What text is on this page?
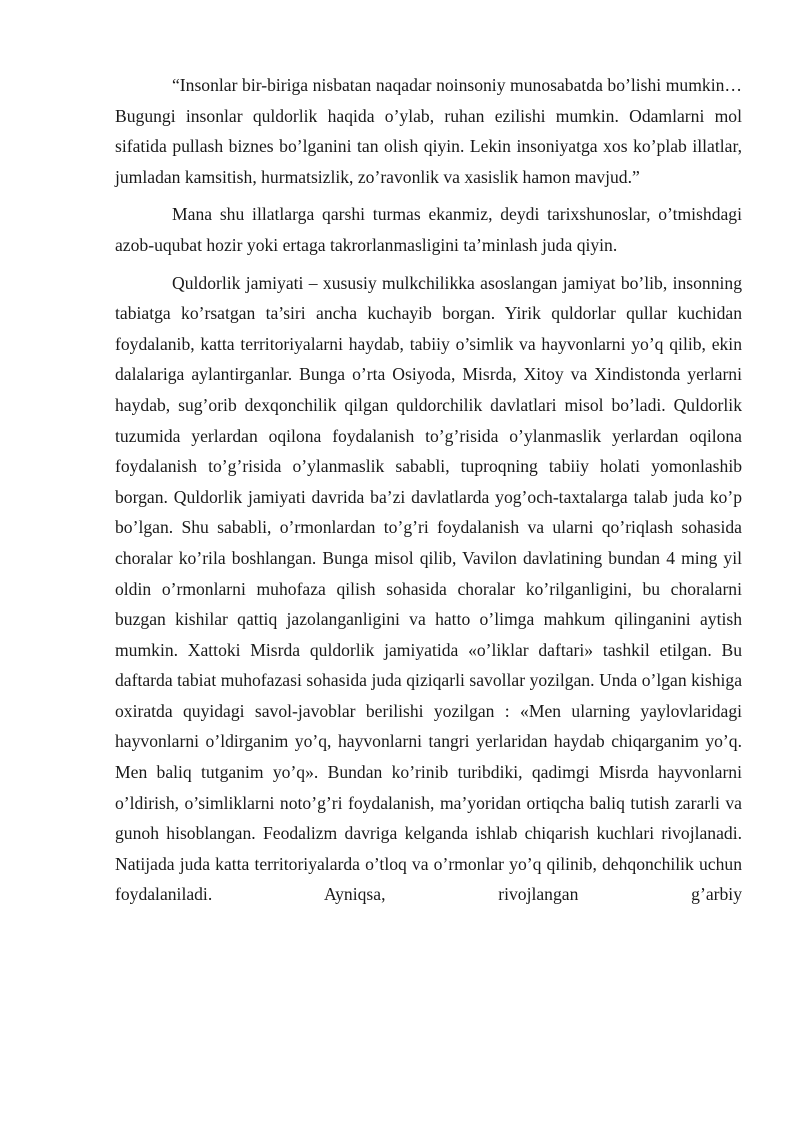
“Insonlar bir-biriga nisbatan naqadar noinsoniy munosabatda bo’lishi mumkin… Bugungi insonlar quldorlik haqida o’ylab, ruhan ezilishi mumkin. Odamlarni mol sifatida pullash biznes bo’lganini tan olish qiyin. Lekin insoniyatga xos ko’plab illatlar, jumladan kamsitish, hurmatsizlik, zo’ravonlik va xasislik hamon mavjud.”

Mana shu illatlarga qarshi turmas ekanmiz, deydi tarixshunoslar, o’tmishdagi azob-uqubat hozir yoki ertaga takrorlanmasligini ta’minlash juda qiyin.

Quldorlik jamiyati – xususiy mulkchilikka asoslangan jamiyat bo’lib, insonning tabiatga ko’rsatgan ta’siri ancha kuchayib borgan. Yirik quldorlar qullar kuchidan foydalanib, katta territoriyalarni haydab, tabiiy o’simlik va hayvonlarni yo’q qilib, ekin dalalariga aylantirganlar. Bunga o’rta Osiyoda, Misrda, Xitoy va Xindistonda yerlarni haydab, sug’orib dexqonchilik qilgan quldorchilik davlatlari misol bo’ladi. Quldorlik tuzumida yerlardan oqilona foydalanish to’g’risida o’ylanmaslik yerlardan oqilona foydalanish to’g’risida o’ylanmaslik sababli, tuproqning tabiiy holati yomonlashib borgan. Quldorlik jamiyati davrida ba’zi davlatlarda yog’och-taxtalarga talab juda ko’p bo’lgan. Shu sababli, o’rmonlardan to’g’ri foydalanish va ularni qo’riqlash sohasida choralar ko’rila boshlangan. Bunga misol qilib, Vavilon davlatining bundan 4 ming yil oldin o’rmonlarni muhofaza qilish sohasida choralar ko’rilganligini, bu choralarni buzgan kishilar qattiq jazolanganligini va hatto o’limga mahkum qilinganini aytish mumkin. Xattoki Misrda quldorlik jamiyatida «o’liklar daftari» tashkil etilgan. Bu daftarda tabiat muhofazasi sohasida juda qiziqarli savollar yozilgan. Unda o’lgan kishiga oxiratda quyidagi savol-javoblar berilishi yozilgan : «Men ularning yaylovlaridagi hayvonlarni o’ldirganim yo’q, hayvonlarni tangri yerlaridan haydab chiqarganim yo’q. Men baliq tutganim yo’q». Bundan ko’rinib turibdiki, qadimgi Misrda hayvonlarni o’ldirish, o’simliklarni noto’g’ri foydalanish, ma’yoridan ortiqcha baliq tutish zararli va gunoh hisoblangan. Feodalizm davriga kelganda ishlab chiqarish kuchlari rivojlanadi. Natijada juda katta territoriyalarda o’tloq va o’rmonlar yo’q qilinib, dehqonchilik uchun foydalaniladi. Ayniqsa, rivojlangan g’arbiy
